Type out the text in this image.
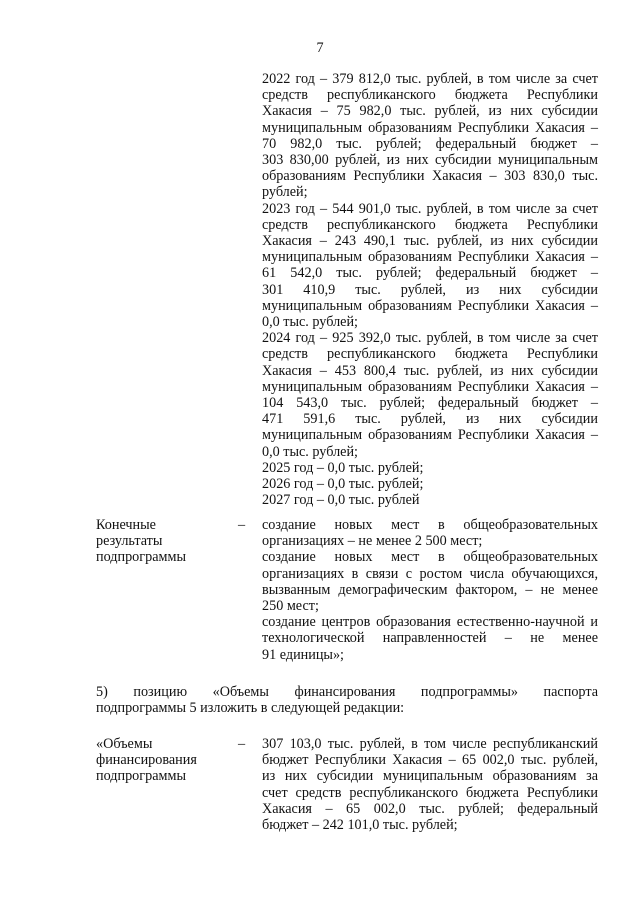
7
2022 год – 379 812,0 тыс. рублей, в том числе за счет
средств республиканского бюджета Республики
Хакасия – 75 982,0 тыс. рублей, из них субсидии
муниципальным образованиям Республики Хакасия –
70 982,0 тыс. рублей; федеральный бюджет –
303 830,00 рублей, из них субсидии муниципальным
образованиям Республики Хакасия – 303 830,0 тыс.
рублей;
2023 год – 544 901,0 тыс. рублей, в том числе за счет
средств республиканского бюджета Республики
Хакасия – 243 490,1 тыс. рублей, из них субсидии
муниципальным образованиям Республики Хакасия –
61 542,0 тыс. рублей; федеральный бюджет –
301 410,9 тыс. рублей, из них субсидии
муниципальным образованиям Республики Хакасия –
0,0 тыс. рублей;
2024 год – 925 392,0 тыс. рублей, в том числе за счет
средств республиканского бюджета Республики
Хакасия – 453 800,4 тыс. рублей, из них субсидии
муниципальным образованиям Республики Хакасия –
104 543,0 тыс. рублей; федеральный бюджет –
471 591,6 тыс. рублей, из них субсидии
муниципальным образованиям Республики Хакасия –
0,0 тыс. рублей;
2025 год – 0,0 тыс. рублей;
2026 год – 0,0 тыс. рублей;
2027 год – 0,0 тыс. рублей
Конечные
результаты
подпрограммы
– создание новых мест в общеобразовательных
организациях – не менее 2 500 мест;
создание новых мест в общеобразовательных
организациях в связи с ростом числа обучающихся,
вызванным демографическим фактором, – не менее
250 мест;
создание центров образования естественно-научной и
технологической направленностей – не менее
91 единицы»;
5) позицию «Объемы финансирования подпрограммы» паспорта
подпрограммы 5 изложить в следующей редакции:
«Объемы
финансирования
подпрограммы
– 307 103,0 тыс. рублей, в том числе республиканский
бюджет Республики Хакасия – 65 002,0 тыс. рублей,
из них субсидии муниципальным образованиям за
счет средств республиканского бюджета Республики
Хакасия – 65 002,0 тыс. рублей; федеральный
бюджет – 242 101,0 тыс. рублей;
